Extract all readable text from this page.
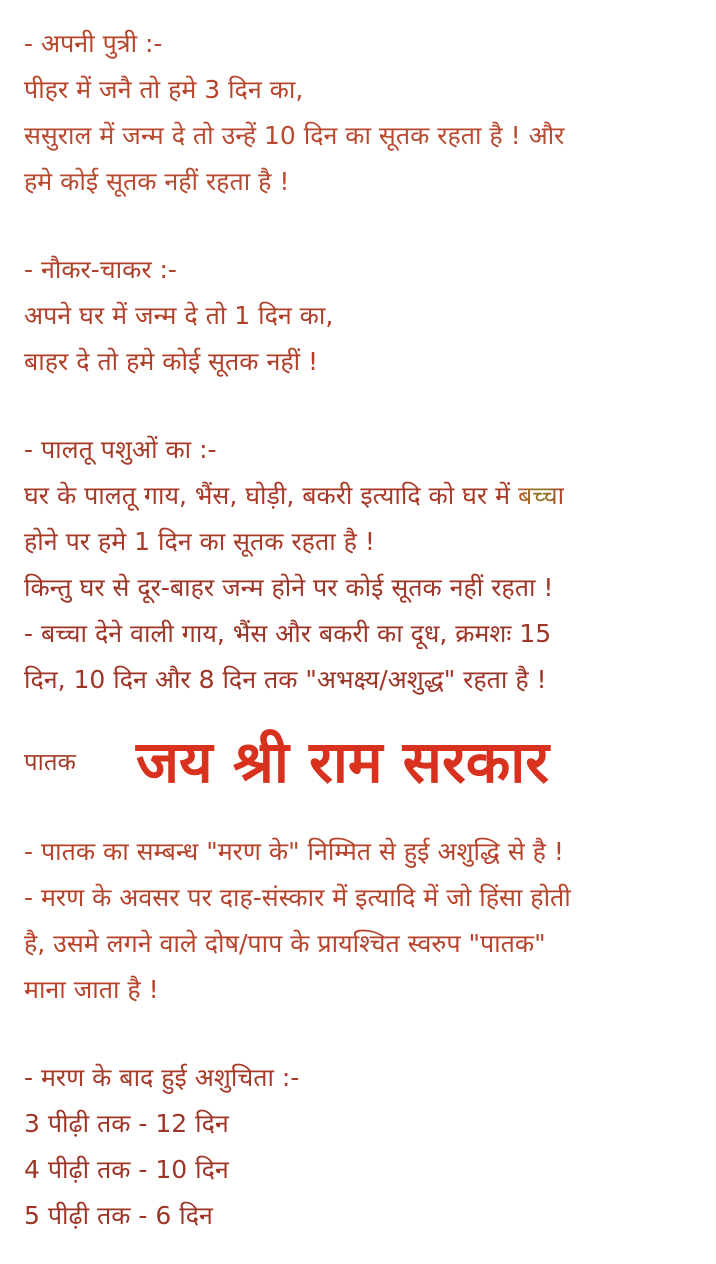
- अपनी पुत्री :-
पीहर में जनै तो हमे 3 दिन का,
ससुराल में जन्म दे तो उन्हें 10 दिन का सूतक रहता है ! और
हमे कोई सूतक नहीं रहता है !
- नौकर-चाकर :-
अपने घर में जन्म दे तो 1 दिन का,
बाहर दे तो हमे कोई सूतक नहीं !
- पालतू पशुओं का :-
घर के पालतू गाय, भैंस, घोड़ी, बकरी इत्यादि को घर में बच्चा
होने पर हमे 1 दिन का सूतक रहता है !
किन्तु घर से दूर-बाहर जन्म होने पर कोई सूतक नहीं रहता !
- बच्चा देने वाली गाय, भैंस और बकरी का दूध, क्रमशः 15
दिन, 10 दिन और 8 दिन तक "अभक्ष्य/अशुद्ध" रहता है !
पातक जय श्री राम सरकार
- पातक का सम्बन्ध "मरण के" निम्मित से हुई अशुद्धि से है !
- मरण के अवसर पर दाह-संस्कार में इत्यादि में जो हिंसा होती
है, उसमे लगने वाले दोष/पाप के प्रायश्चित स्वरुप "पातक"
माना जाता है !
- मरण के बाद हुई अशुचिता :-
3 पीढ़ी तक - 12 दिन
4 पीढ़ी तक - 10 दिन
5 पीढ़ी तक - 6 दिन
